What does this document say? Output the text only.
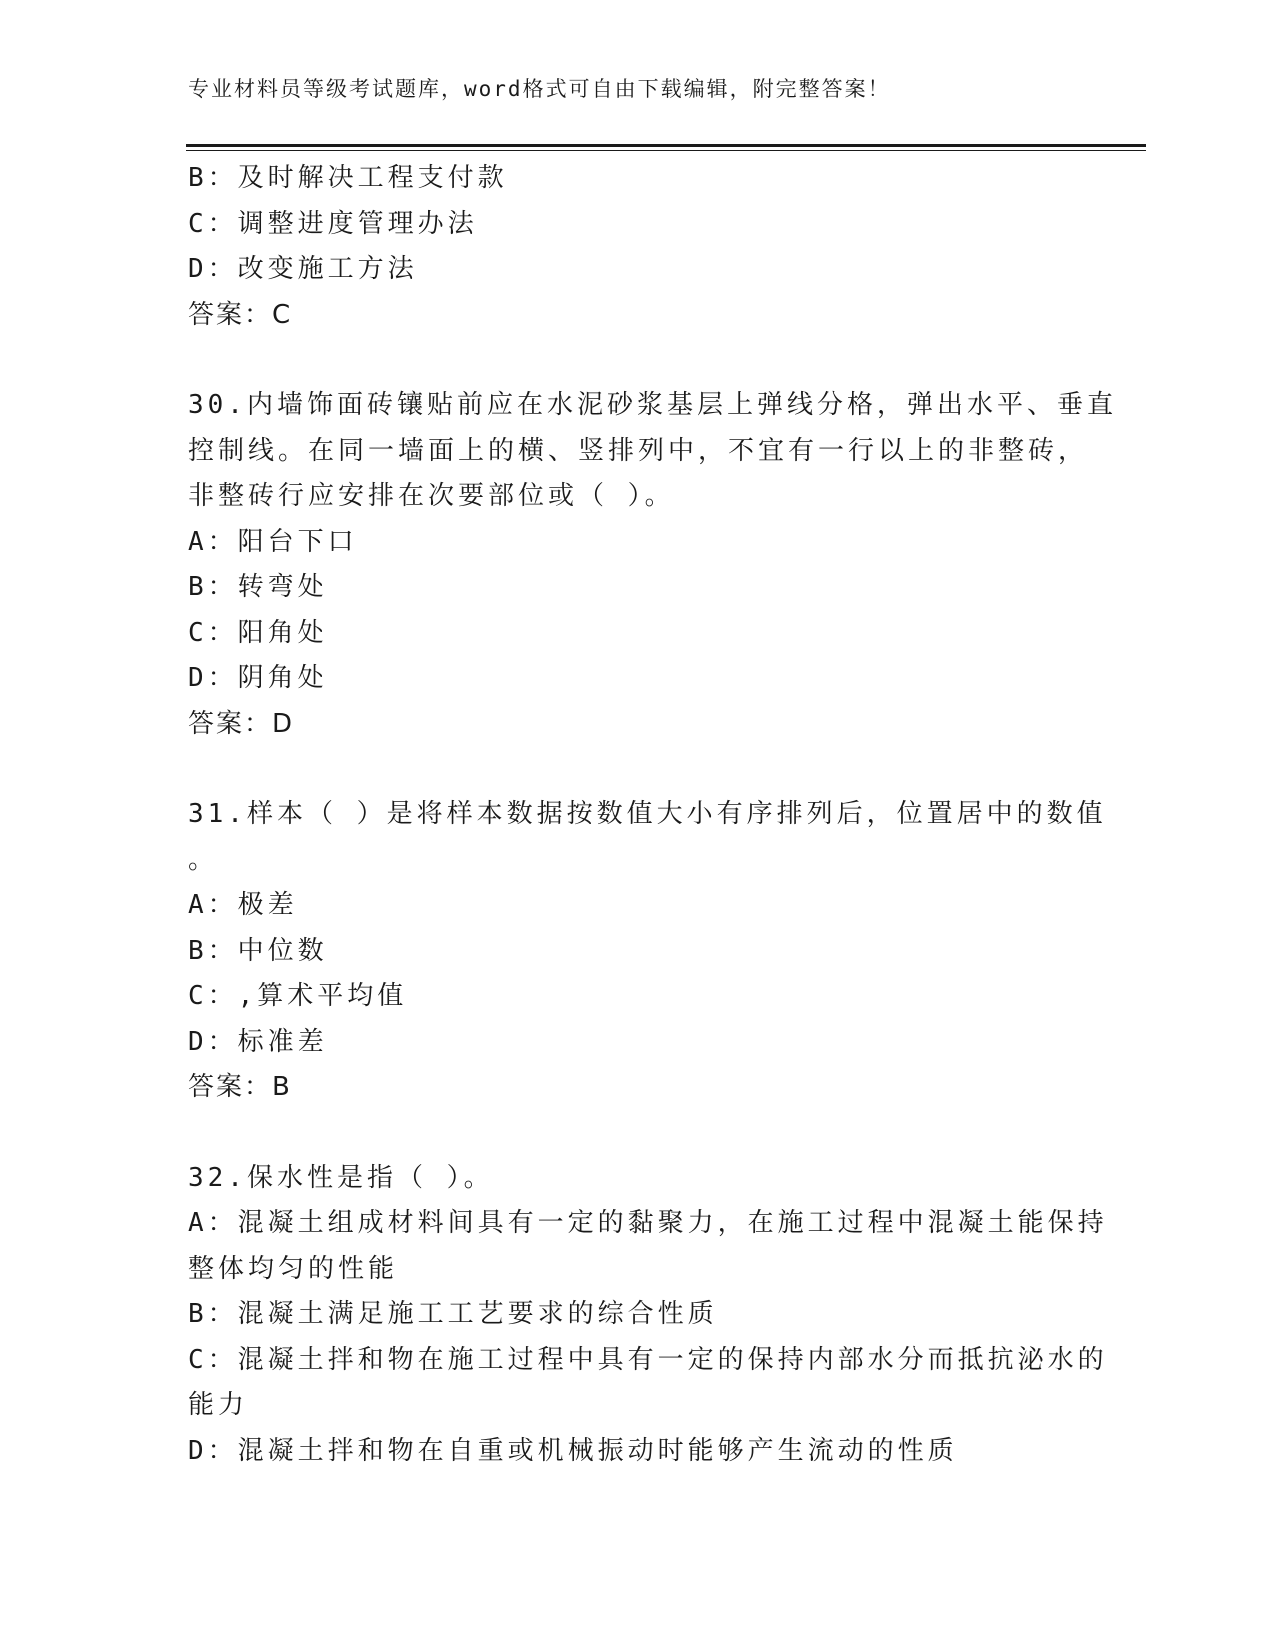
专业材料员等级考试题库，word格式可自由下载编辑，附完整答案！
B：及时解决工程支付款
C：调整进度管理办法
D：改变施工方法
答案：C
30.内墙饰面砖镶贴前应在水泥砂浆基层上弹线分格，弹出水平、垂直
控制线。在同一墙面上的横、竖排列中，不宜有一行以上的非整砖，
非整砖行应安排在次要部位或（ ）。
A：阳台下口
B：转弯处
C：阳角处
D：阴角处
答案：D
31.样本（ ）是将样本数据按数值大小有序排列后，位置居中的数值
。
A：极差
B：中位数
C：,算术平均值
D：标准差
答案：B
32.保水性是指（ ）。
A：混凝土组成材料间具有一定的黏聚力，在施工过程中混凝土能保持
整体均匀的性能
B：混凝土满足施工工艺要求的综合性质
C：混凝土拌和物在施工过程中具有一定的保持内部水分而抵抗泌水的
能力
D：混凝土拌和物在自重或机械振动时能够产生流动的性质
